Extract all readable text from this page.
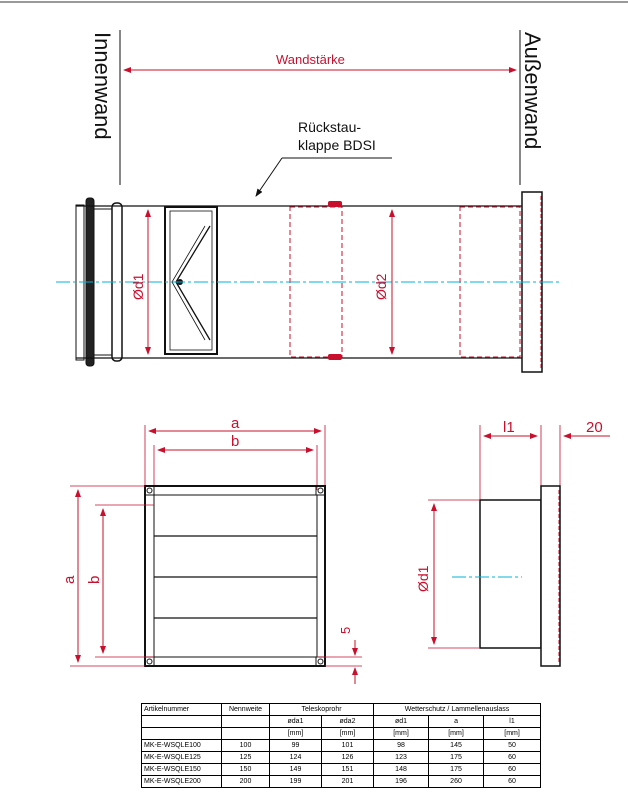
Innenwand	Außenwand
Wandstärke
Rückstau-
klappe BDSI
Ød1	Ød2
a
b
a b
5
l1	20
Ød1
Artikelnummer	Nennweite	Teleskoprohr		Wetterschutz / Lammellenauslass		
		øda1	øda2	ød1	a	l1
		[mm]	[mm]	[mm]	[mm]	[mm]
MK-E-WSQLE100	100	99	101	98	145	50
MK-E-WSQLE125	125	124	126	123	175	60
MK-E-WSQLE150	150	149	151	148	175	60
MK-E-WSQLE200	200	199	201	196	260	60
